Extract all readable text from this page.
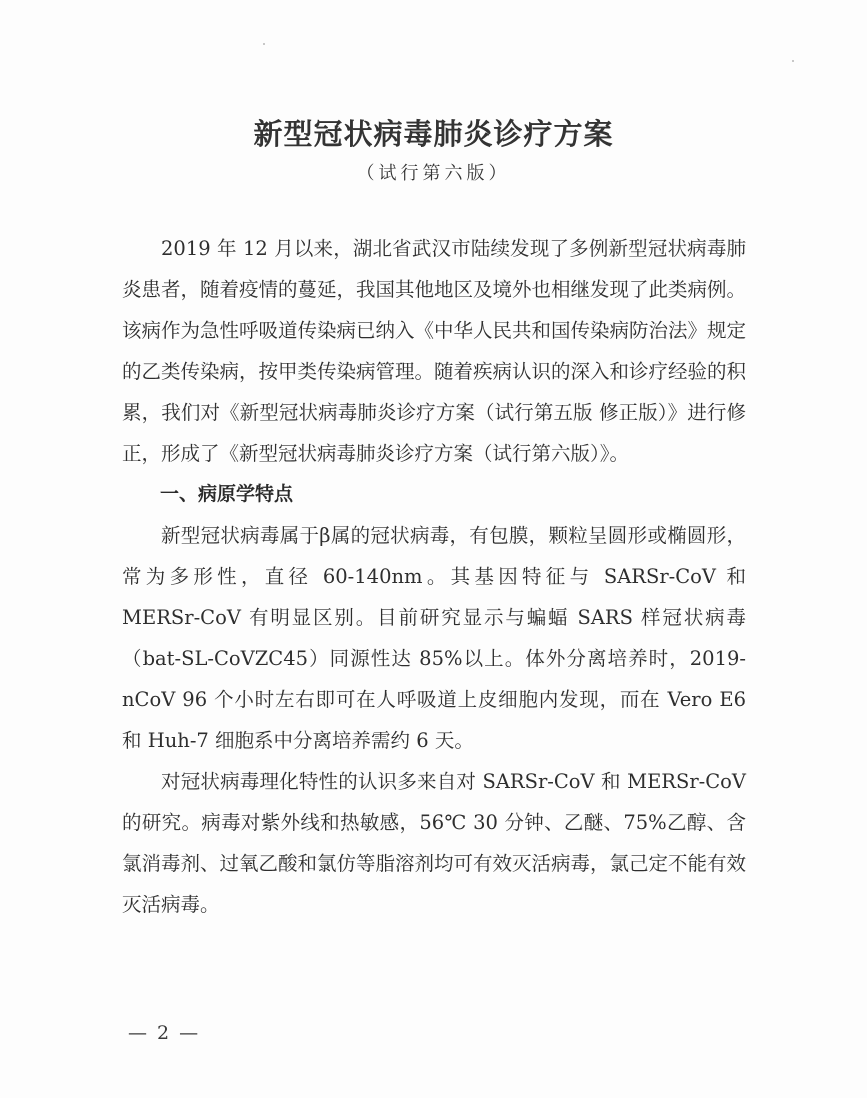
新型冠状病毒肺炎诊疗方案
（试行第六版）

2019 年 12 月以来，湖北省武汉市陆续发现了多例新型冠状病毒肺炎患者，随着疫情的蔓延，我国其他地区及境外也相继发现了此类病例。该病作为急性呼吸道传染病已纳入《中华人民共和国传染病防治法》规定的乙类传染病，按甲类传染病管理。随着疾病认识的深入和诊疗经验的积累，我们对《新型冠状病毒肺炎诊疗方案（试行第五版 修正版）》进行修正，形成了《新型冠状病毒肺炎诊疗方案（试行第六版）》。

一、病原学特点

新型冠状病毒属于β属的冠状病毒，有包膜，颗粒呈圆形或椭圆形，常为多形性，直径 60-140nm。其基因特征与 SARSr-CoV 和 MERSr-CoV 有明显区别。目前研究显示与蝙蝠 SARS 样冠状病毒（bat-SL-CoVZC45）同源性达 85%以上。体外分离培养时，2019-nCoV 96 个小时左右即可在人呼吸道上皮细胞内发现，而在 Vero E6 和 Huh-7 细胞系中分离培养需约 6 天。

对冠状病毒理化特性的认识多来自对 SARSr-CoV 和 MERSr-CoV 的研究。病毒对紫外线和热敏感，56℃ 30 分钟、乙醚、75%乙醇、含氯消毒剂、过氧乙酸和氯仿等脂溶剂均可有效灭活病毒，氯己定不能有效灭活病毒。

— 2 —
